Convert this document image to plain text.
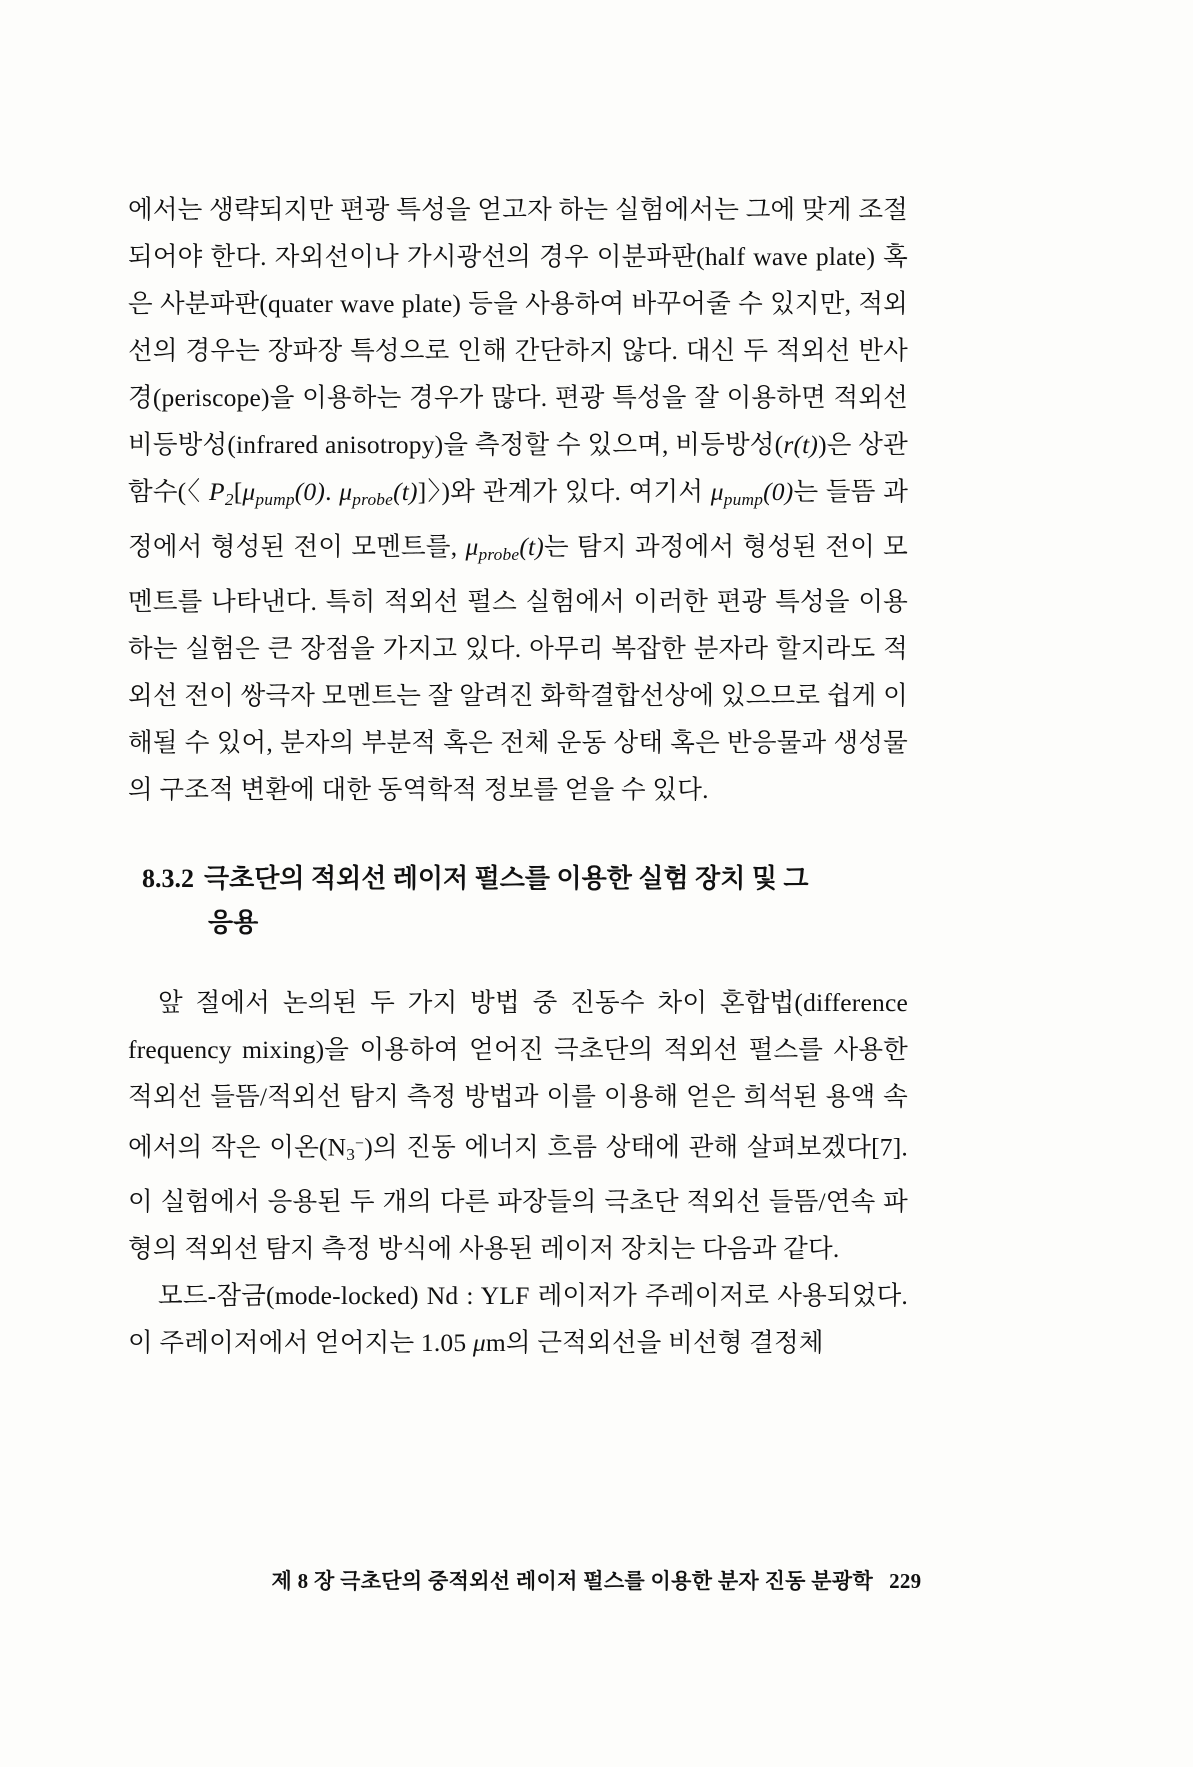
에서는 생략되지만 편광 특성을 얻고자 하는 실험에서는 그에 맞게 조절되어야 한다. 자외선이나 가시광선의 경우 이분파판(half wave plate) 혹은 사분파판(quater wave plate) 등을 사용하여 바꾸어줄 수 있지만, 적외선의 경우는 장파장 특성으로 인해 간단하지 않다. 대신 두 적외선 반사경(periscope)을 이용하는 경우가 많다. 편광 특성을 잘 이용하면 적외선 비등방성(infrared anisotropy)을 측정할 수 있으며, 비등방성(r(t))은 상관함수(〈 $P_2[\mu_{pump}(0)$. $\mu_{probe}(t)$]〉)와 관계가 있다. 여기서 $\mu_{pump}(0)$는 들뜸 과정에서 형성된 전이 모멘트를, $\mu_{probe}(t)$는 탐지 과정에서 형성된 전이 모멘트를 나타낸다. 특히 적외선 펄스 실험에서 이러한 편광 특성을 이용하는 실험은 큰 장점을 가지고 있다. 아무리 복잡한 분자라 할지라도 적외선 전이 쌍극자 모멘트는 잘 알려진 화학결합선상에 있으므로 쉽게 이해될 수 있어, 분자의 부분적 혹은 전체 운동 상태 혹은 반응물과 생성물의 구조적 변환에 대한 동역학적 정보를 얻을 수 있다.

8.3.2 극초단의 적외선 레이저 펄스를 이용한 실험 장치 및 그
응용

앞 절에서 논의된 두 가지 방법 중 진동수 차이 혼합법(difference frequency mixing)을 이용하여 얻어진 극초단의 적외선 펄스를 사용한 적외선 들뜸/적외선 탐지 측정 방법과 이를 이용해 얻은 희석된 용액 속에서의 작은 이온$(N_3^-)$의 진동 에너지 흐름 상태에 관해 살펴보겠다[7]. 이 실험에서 응용된 두 개의 다른 파장들의 극초단 적외선 들뜸/연속 파형의 적외선 탐지 측정 방식에 사용된 레이저 장치는 다음과 같다.

모드-잠금(mode-locked) Nd : YLF 레이저가 주레이저로 사용되었다. 이 주레이저에서 얻어지는 1.05 μm의 근적외선을 비선형 결정체

제 8 장 극초단의 중적외선 레이저 펄스를 이용한 분자 진동 분광학 229
